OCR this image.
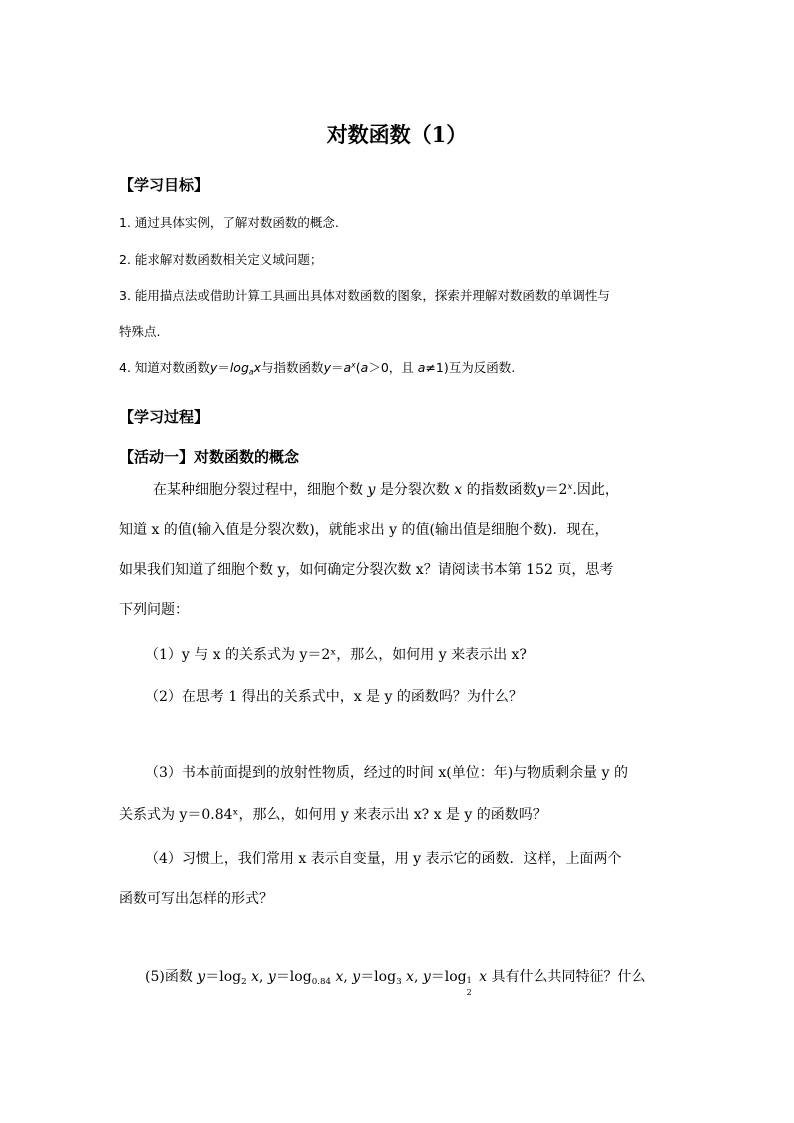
对数函数（1）
【学习目标】
1. 通过具体实例，了解对数函数的概念.
2. 能求解对数函数相关定义域问题；
3. 能用描点法或借助计算工具画出具体对数函数的图象，探索并理解对数函数的单调性与
特殊点.
4. 知道对数函数$y=\log_ax$与指数函数$y=a^x(a>0$，且 a≠1)互为反函数.
【学习过程】
【活动一】对数函数的概念
在某种细胞分裂过程中，细胞个数 y 是分裂次数 x 的指数函数$y=2^x$.因此，
知道 x 的值(输入值是分裂次数)，就能求出 y 的值(输出值是细胞个数)．现在，
如果我们知道了细胞个数 y，如何确定分裂次数 x？请阅读书本第 152 页，思考
下列问题：
（1）y 与 x 的关系式为 y＝2ˣ，那么，如何用 y 来表示出 x?
（2）在思考 1 得出的关系式中，x 是 y 的函数吗？为什么？
（3）书本前面提到的放射性物质，经过的时间 x(单位：年)与物质剩余量 y 的
关系式为 y＝0.84ˣ，那么，如何用 y 来表示出 x? x 是 y 的函数吗？
（4）习惯上，我们常用 x 表示自变量，用 y 表示它的函数．这样，上面两个
函数可写出怎样的形式？
(5)函数 $y=\log_2$ x, $y=\log_{0.84}$ x, $y=\log_3$ x, y＝log 1
2
x 具有什么共同特征？什么
